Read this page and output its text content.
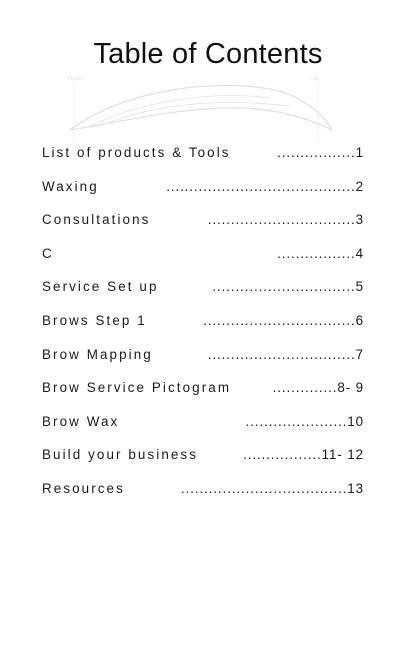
Head	Tail
Table of Contents
List of products & Tools	.................1
Waxing	.........................................2
Consultations	................................3
C	.................4
Service Set up	...............................5
Brows Step 1	.................................6
Brow Mapping	................................7
Brow Service Pictogram	..............8- 9
Brow Wax	......................10
Build your business	.................11- 12
Resources	....................................13
